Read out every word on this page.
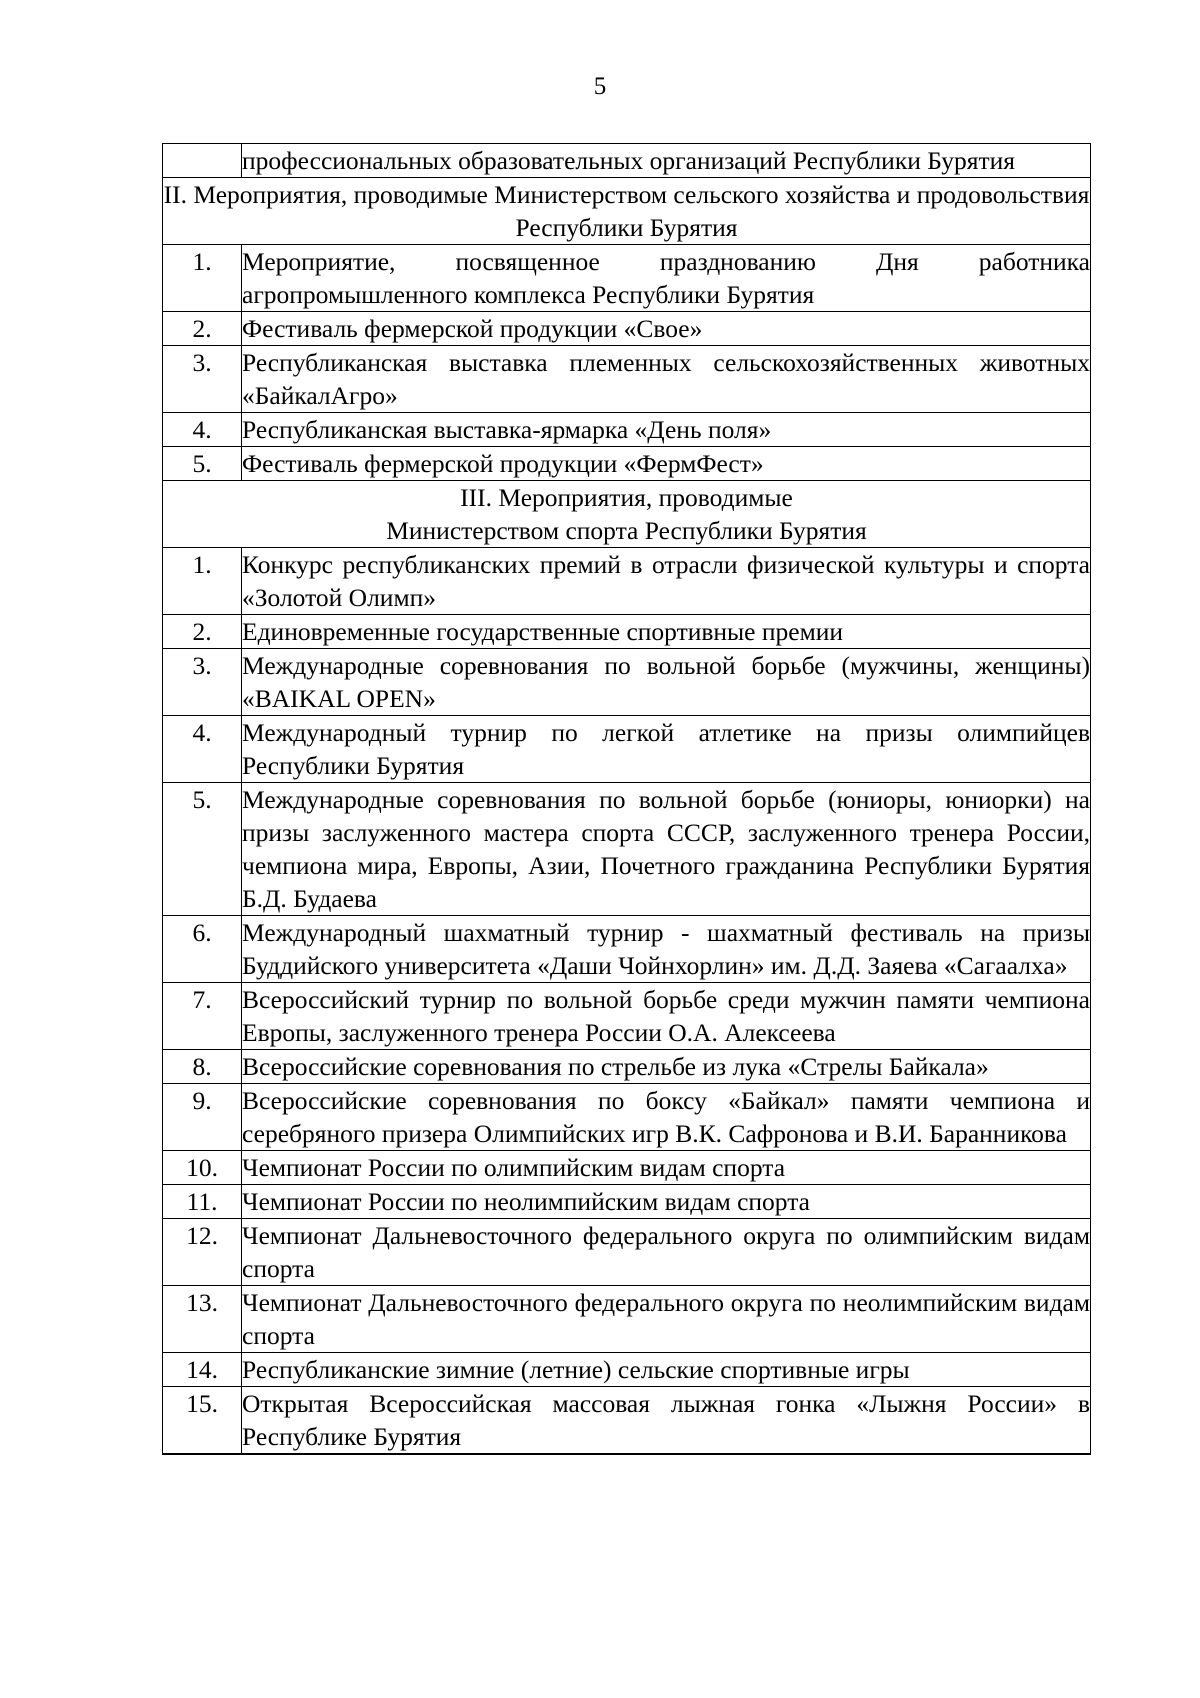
5
	профессиональных образовательных организаций Республики Бурятия
II. Мероприятия, проводимые Министерством сельского хозяйства и продовольствия Республики Бурятия	
1.	Мероприятие, посвященное празднованию Дня работника агропромышленного комплекса Республики Бурятия
2.	Фестиваль фермерской продукции «Свое»
3.	Республиканская выставка племенных сельскохозяйственных животных «БайкалАгро»
4.	Республиканская выставка-ярмарка «День поля»
5.	Фестиваль фермерской продукции «ФермФест»
III. Мероприятия, проводимые
Министерством спорта Республики Бурятия	
1.	Конкурс республиканских премий в отрасли физической культуры и спорта «Золотой Олимп»
2.	Единовременные государственные спортивные премии
3.	Международные соревнования по вольной борьбе (мужчины, женщины) «BAIKAL OPEN»
4.	Международный турнир по легкой атлетике на призы олимпийцев Республики Бурятия
5.	Международные соревнования по вольной борьбе (юниоры, юниорки) на призы заслуженного мастера спорта СССР, заслуженного тренера России, чемпиона мира, Европы, Азии, Почетного гражданина Республики Бурятия Б.Д. Будаева
6.	Международный шахматный турнир - шахматный фестиваль на призы Буддийского университета «Даши Чойнхорлин» им. Д.Д. Заяева «Сагаалха»
7.	Всероссийский турнир по вольной борьбе среди мужчин памяти чемпиона Европы, заслуженного тренера России О.А. Алексеева
8.	Всероссийские соревнования по стрельбе из лука «Стрелы Байкала»
9.	Всероссийские соревнования по боксу «Байкал» памяти чемпиона и серебряного призера Олимпийских игр В.К. Сафронова и В.И. Баранникова
10.	Чемпионат России по олимпийским видам спорта
11.	Чемпионат России по неолимпийским видам спорта
12.	Чемпионат Дальневосточного федерального округа по олимпийским видам спорта
13.	Чемпионат Дальневосточного федерального округа по неолимпийским видам спорта
14.	Республиканские зимние (летние) сельские спортивные игры
15.	Открытая Всероссийская массовая лыжная гонка «Лыжня России» в Республике Бурятия
